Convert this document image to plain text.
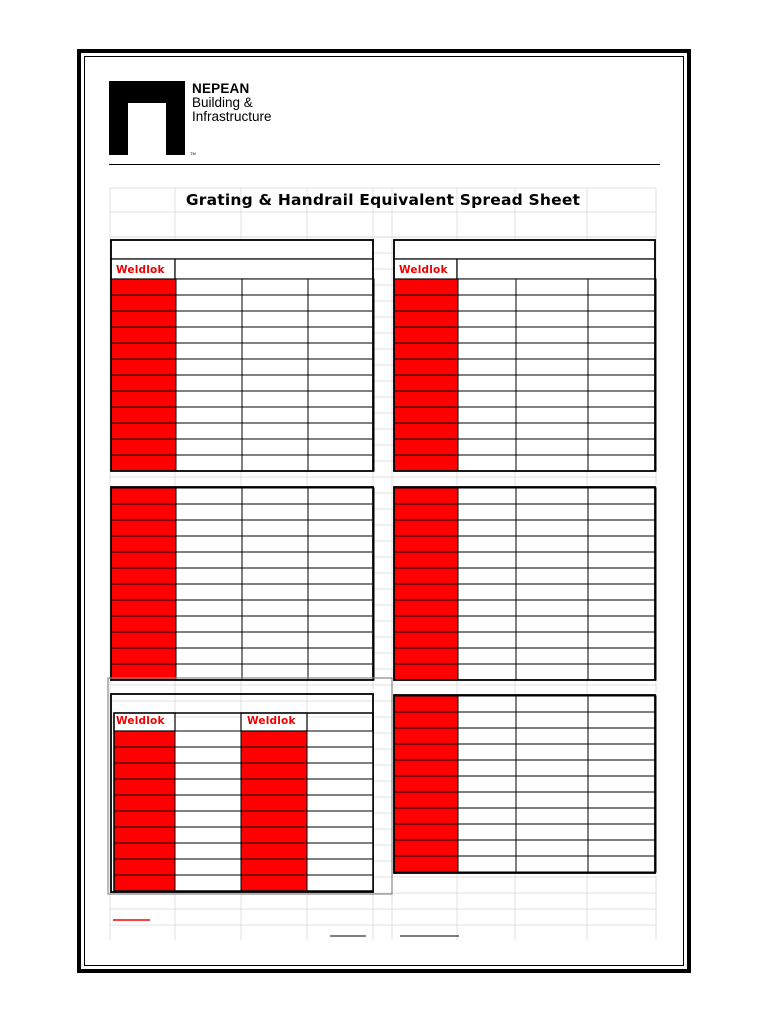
NEPEAN
Building &
Infrastructure
TM
Grating & Handrail Equivalent Spread Sheet
Weldlok	Weldlok
Weldlok	Weldlok
